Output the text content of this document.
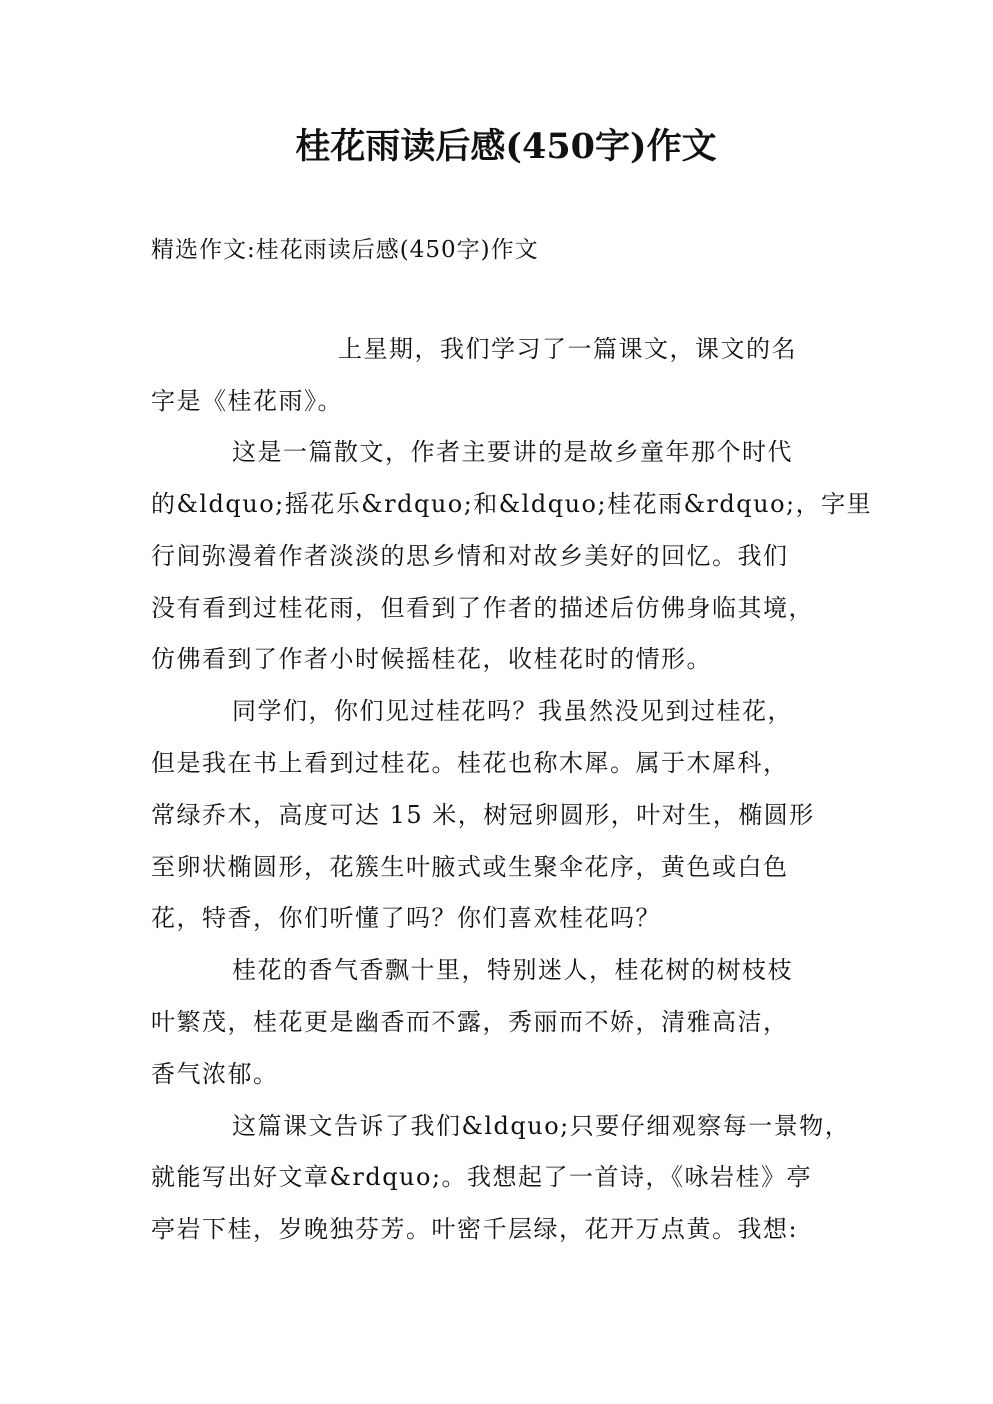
桂花雨读后感(450字)作文
精选作文:桂花雨读后感(450字)作文
上星期，我们学习了一篇课文，课文的名
字是《桂花雨》。
这是一篇散文，作者主要讲的是故乡童年那个时代
的&ldquo;摇花乐&rdquo;和&ldquo;桂花雨&rdquo;，字里
行间弥漫着作者淡淡的思乡情和对故乡美好的回忆。我们
没有看到过桂花雨，但看到了作者的描述后仿佛身临其境，
仿佛看到了作者小时候摇桂花，收桂花时的情形。
同学们，你们见过桂花吗？我虽然没见到过桂花，
但是我在书上看到过桂花。桂花也称木犀。属于木犀科，
常绿乔木，高度可达 15 米，树冠卵圆形，叶对生，椭圆形
至卵状椭圆形，花簇生叶腋式或生聚伞花序，黄色或白色
花，特香，你们听懂了吗？你们喜欢桂花吗？
桂花的香气香飘十里，特别迷人，桂花树的树枝枝
叶繁茂，桂花更是幽香而不露，秀丽而不娇，清雅高洁，
香气浓郁。
这篇课文告诉了我们&ldquo;只要仔细观察每一景物，
就能写出好文章&rdquo;。我想起了一首诗，《咏岩桂》亭
亭岩下桂，岁晚独芬芳。叶密千层绿，花开万点黄。我想:
